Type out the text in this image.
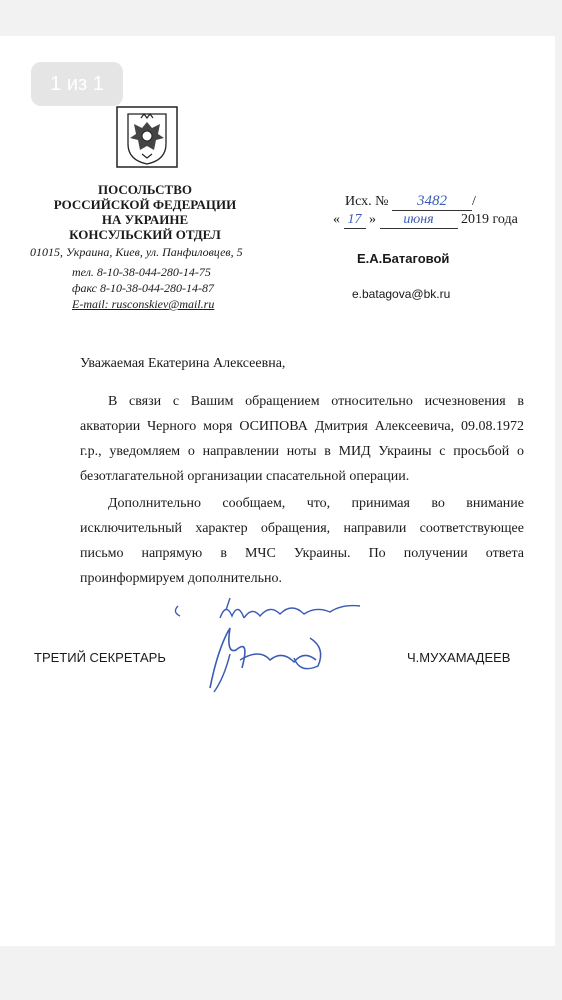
1 из 1
ПОСОЛЬСТВО
РОССИЙСКОЙ ФЕДЕРАЦИИ
НА УКРАИНЕ
КОНСУЛЬСКИЙ ОТДЕЛ
01015, Украина, Киев, ул. Панфиловцев, 5
тел. 8-10-38-044-280-14-75
факс 8-10-38-044-280-14-87
E-mail: rusconskiev@mail.ru
Исх. № 3482 /
« 17 » июня 2019 года
Е.А.Батаговой
e.batagova@bk.ru
Уважаемая Екатерина Алексеевна,

В связи с Вашим обращением относительно исчезновения в акватории Черного моря ОСИПОВА Дмитрия Алексеевича, 09.08.1972 г.р., уведомляем о направлении ноты в МИД Украины с просьбой о безотлагательной организации спасательной операции.

Дополнительно сообщаем, что, принимая во внимание исключительный характер обращения, направили соответствующее письмо напрямую в МЧС Украины. По получении ответа проинформируем дополнительно.

ТРЕТИЙ СЕКРЕТАРЬ	Ч.МУХАМАДЕЕВ
